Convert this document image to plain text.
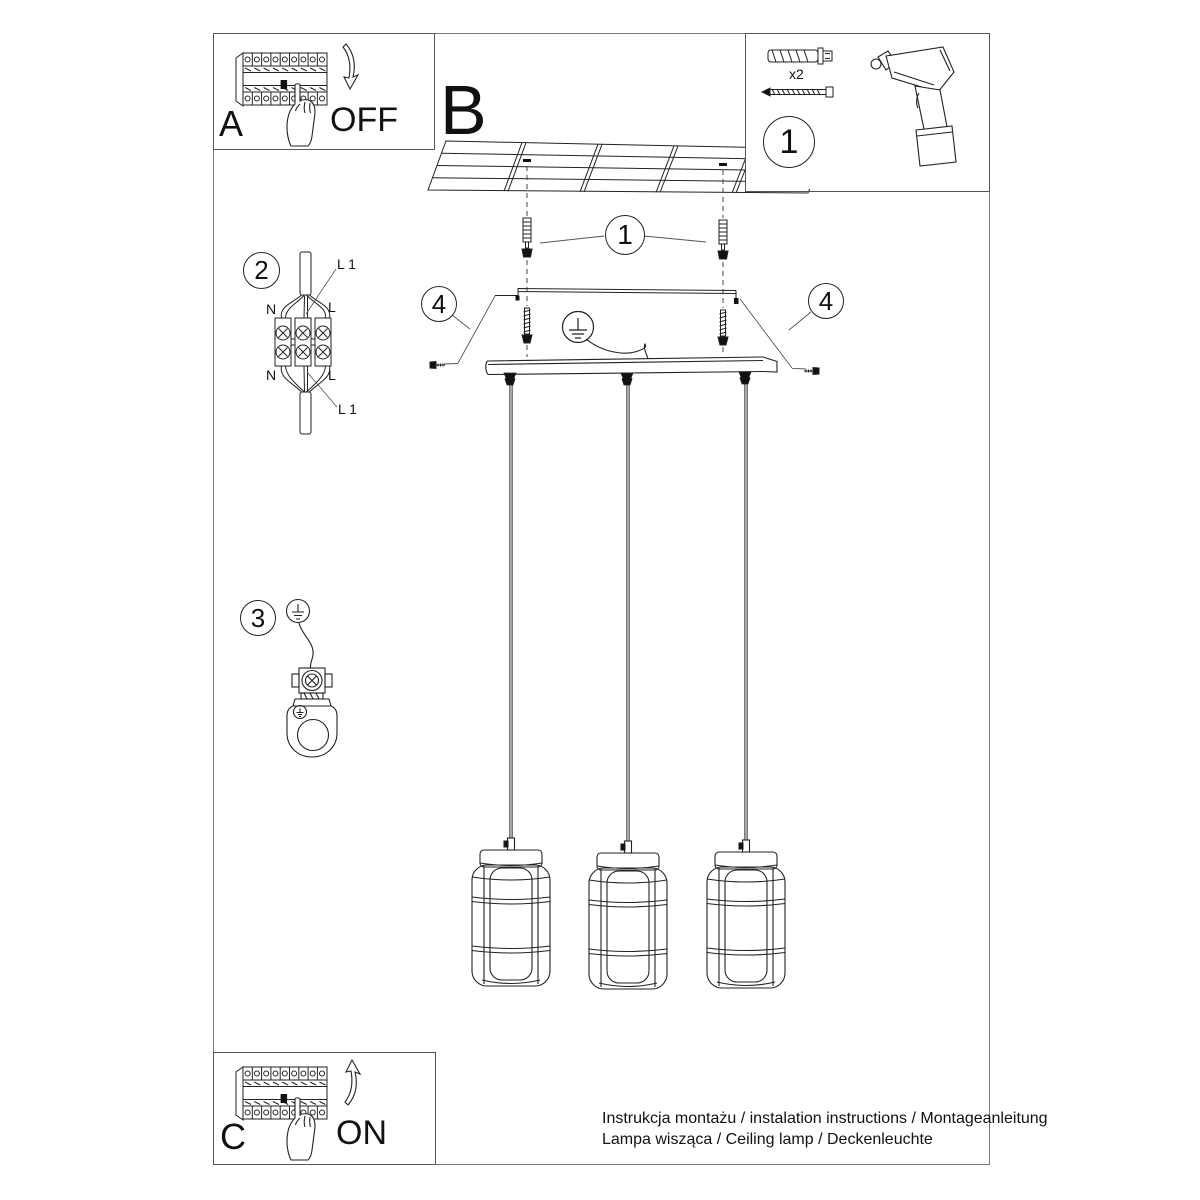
1
4	4
1
2
3
A	OFF B	x2
C	ON
L 1
N	L
N	L
L 1
Instrukcja montażu / instalation instructions / Montageanleitung
Lampa wisząca / Ceiling lamp / Deckenleuchte
